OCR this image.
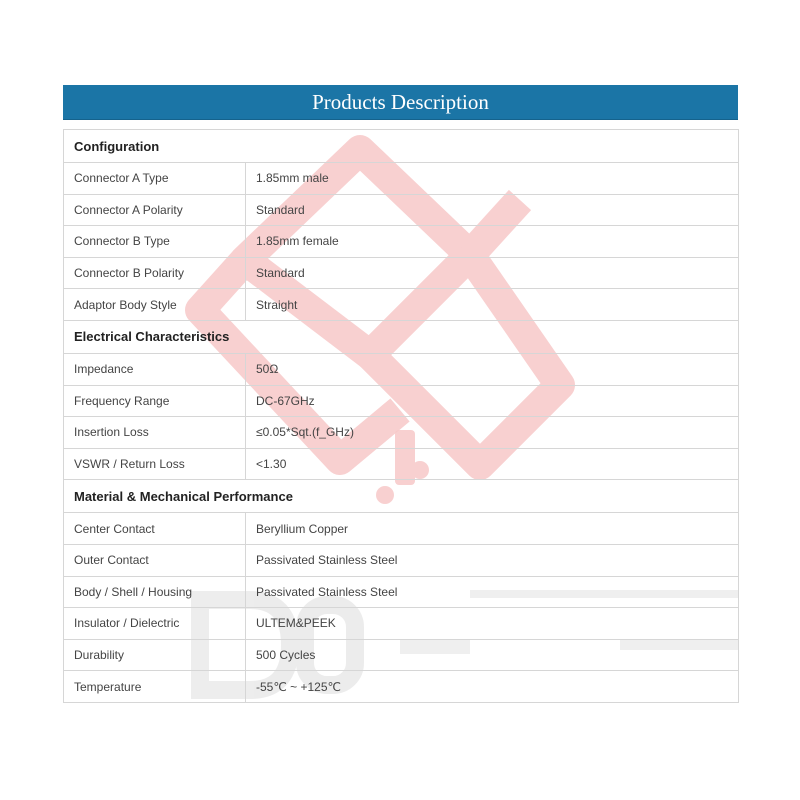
Products Description
Configuration	
Connector A Type	1.85mm male
Connector A Polarity	Standard
Connector B Type	1.85mm female
Connector B Polarity	Standard
Adaptor Body Style	Straight
Electrical Characteristics	
Impedance	50Ω
Frequency Range	DC-67GHz
Insertion Loss	≤0.05*Sqt.(f_GHz)
VSWR / Return Loss	<1.30
Material & Mechanical Performance	
Center Contact	Beryllium Copper
Outer Contact	Passivated Stainless Steel
Body / Shell / Housing	Passivated Stainless Steel
Insulator / Dielectric	ULTEM&PEEK
Durability	500 Cycles
Temperature	-55℃ ~ +125℃
